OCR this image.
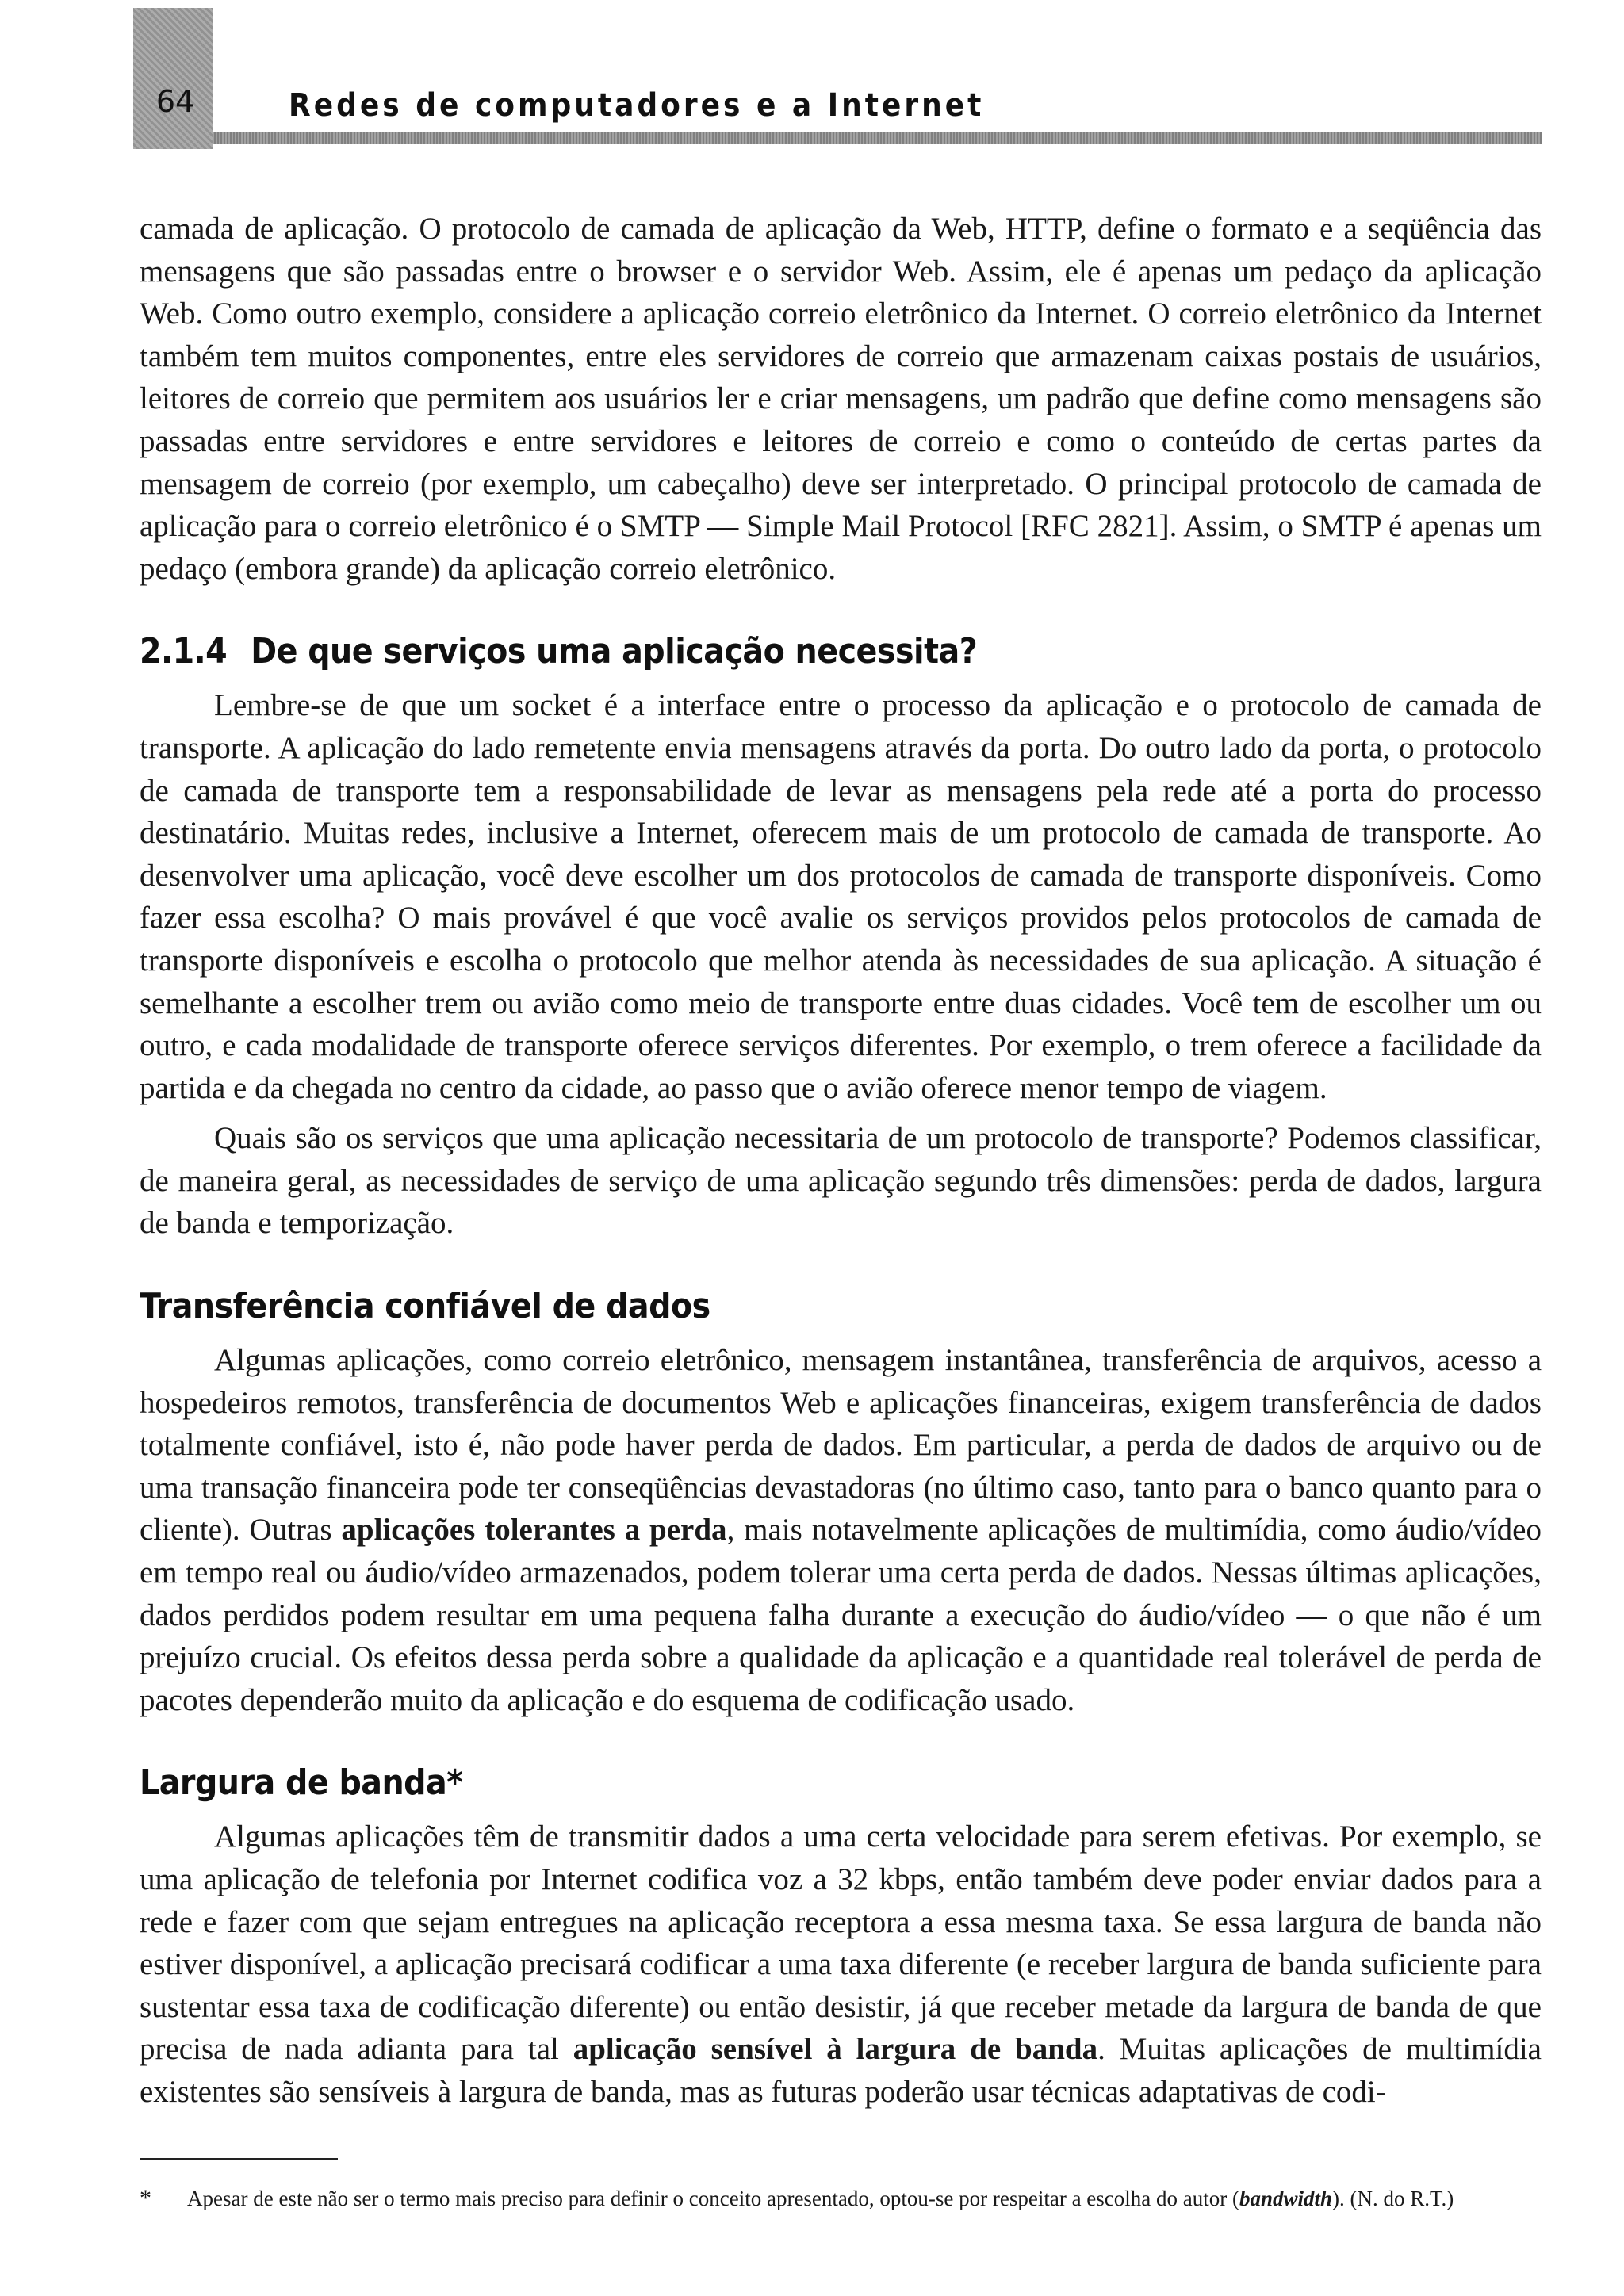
64	Redes de computadores e a Internet

camada de aplicação. O protocolo de camada de aplicação da Web, HTTP, define o formato e a seqüência das mensagens que são passadas entre o browser e o servidor Web. Assim, ele é apenas um pedaço da aplicação Web. Como outro exemplo, considere a aplicação correio eletrônico da Internet. O correio eletrônico da Internet também tem muitos componentes, entre eles servidores de correio que armazenam caixas postais de usuários, leitores de correio que permitem aos usuários ler e criar mensagens, um padrão que define como mensagens são passadas entre servidores e entre servidores e leitores de correio e como o conteúdo de certas partes da mensagem de correio (por exemplo, um cabeçalho) deve ser interpretado. O principal protocolo de camada de aplicação para o correio eletrônico é o SMTP — Simple Mail Protocol [RFC 2821]. Assim, o SMTP é apenas um pedaço (embora grande) da aplicação correio eletrônico.

2.1.4 De que serviços uma aplicação necessita?

Lembre-se de que um socket é a interface entre o processo da aplicação e o protocolo de camada de transporte. A aplicação do lado remetente envia mensagens através da porta. Do outro lado da porta, o protocolo de camada de transporte tem a responsabilidade de levar as mensagens pela rede até a porta do processo destinatário. Muitas redes, inclusive a Internet, oferecem mais de um protocolo de camada de transporte. Ao desenvolver uma aplicação, você deve escolher um dos protocolos de camada de transporte disponíveis. Como fazer essa escolha? O mais provável é que você avalie os serviços providos pelos protocolos de camada de transporte disponíveis e escolha o protocolo que melhor atenda às necessidades de sua aplicação. A situação é semelhante a escolher trem ou avião como meio de transporte entre duas cidades. Você tem de escolher um ou outro, e cada modalidade de transporte oferece serviços diferentes. Por exemplo, o trem oferece a facilidade da partida e da chegada no centro da cidade, ao passo que o avião oferece menor tempo de viagem.

Quais são os serviços que uma aplicação necessitaria de um protocolo de transporte? Podemos classificar, de maneira geral, as necessidades de serviço de uma aplicação segundo três dimensões: perda de dados, largura de banda e temporização.

Transferência confiável de dados

Algumas aplicações, como correio eletrônico, mensagem instantânea, transferência de arquivos, acesso a hospedeiros remotos, transferência de documentos Web e aplicações financeiras, exigem transferência de dados totalmente confiável, isto é, não pode haver perda de dados. Em particular, a perda de dados de arquivo ou de uma transação financeira pode ter conseqüências devastadoras (no último caso, tanto para o banco quanto para o cliente). Outras aplicações tolerantes a perda, mais notavelmente aplicações de multimídia, como áudio/vídeo em tempo real ou áudio/vídeo armazenados, podem tolerar uma certa perda de dados. Nessas últimas aplicações, dados perdidos podem resultar em uma pequena falha durante a execução do áudio/vídeo — o que não é um prejuízo crucial. Os efeitos dessa perda sobre a qualidade da aplicação e a quantidade real tolerável de perda de pacotes dependerão muito da aplicação e do esquema de codificação usado.

Largura de banda*

Algumas aplicações têm de transmitir dados a uma certa velocidade para serem efetivas. Por exemplo, se uma aplicação de telefonia por Internet codifica voz a 32 kbps, então também deve poder enviar dados para a rede e fazer com que sejam entregues na aplicação receptora a essa mesma taxa. Se essa largura de banda não estiver disponível, a aplicação precisará codificar a uma taxa diferente (e receber largura de banda suficiente para sustentar essa taxa de codificação diferente) ou então desistir, já que receber metade da largura de banda de que precisa de nada adianta para tal aplicação sensível à largura de banda. Muitas aplicações de multimídia existentes são sensíveis à largura de banda, mas as futuras poderão usar técnicas adaptativas de codi-

*	Apesar de este não ser o termo mais preciso para definir o conceito apresentado, optou-se por respeitar a escolha do autor (bandwidth). (N. do R.T.)
